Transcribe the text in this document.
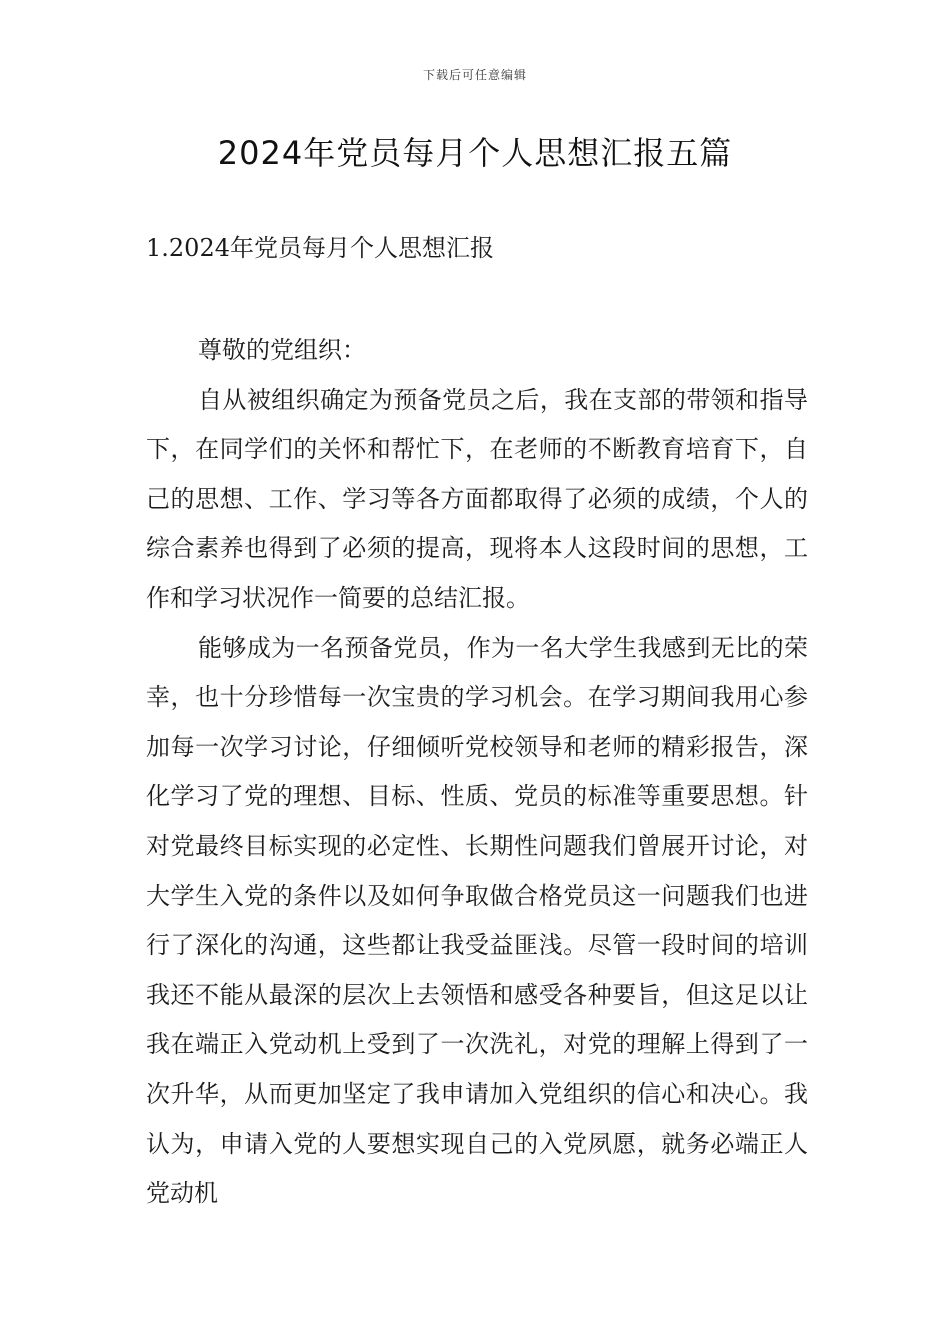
下载后可任意编辑
2024年党员每月个人思想汇报五篇
1.2024年党员每月个人思想汇报

尊敬的党组织：

自从被组织确定为预备党员之后，我在支部的带领和指导下，在同学们的关怀和帮忙下，在老师的不断教育培育下，自己的思想、工作、学习等各方面都取得了必须的成绩，个人的综合素养也得到了必须的提高，现将本人这段时间的思想，工作和学习状况作一简要的总结汇报。

能够成为一名预备党员，作为一名大学生我感到无比的荣幸，也十分珍惜每一次宝贵的学习机会。在学习期间我用心参加每一次学习讨论，仔细倾听党校领导和老师的精彩报告，深化学习了党的理想、目标、性质、党员的标准等重要思想。针对党最终目标实现的必定性、长期性问题我们曾展开讨论，对大学生入党的条件以及如何争取做合格党员这一问题我们也进行了深化的沟通，这些都让我受益匪浅。尽管一段时间的培训我还不能从最深的层次上去领悟和感受各种要旨，但这足以让我在端正入党动机上受到了一次洗礼，对党的理解上得到了一次升华，从而更加坚定了我申请加入党组织的信心和决心。我认为，申请入党的人要想实现自己的入党夙愿，就务必端正人党动机
